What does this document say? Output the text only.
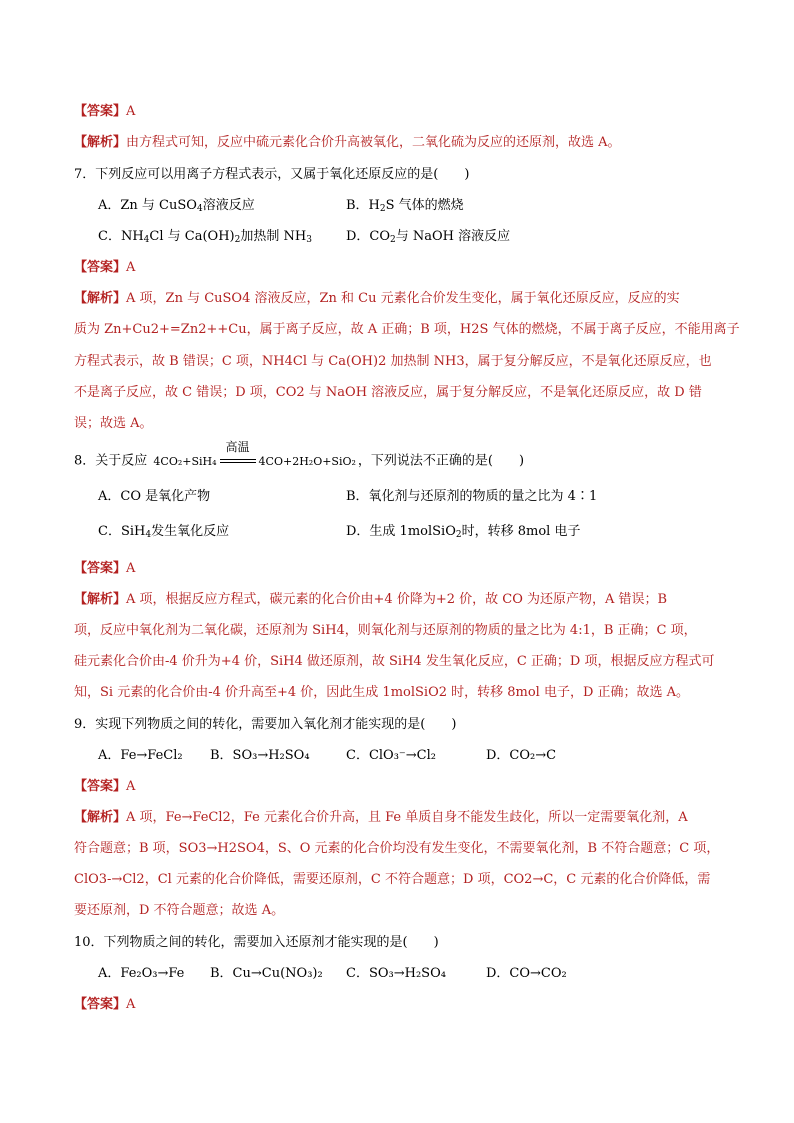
【答案】A
【解析】由方程式可知，反应中硫元素化合价升高被氧化，二氧化硫为反应的还原剂，故选 A。
7．下列反应可以用离子方程式表示，又属于氧化还原反应的是(　　)
A．Zn 与 CuSO$_4$溶液反应	B．$H_2S$ 气体的燃烧
C．$NH_4Cl$ 与 $Ca(OH)_2$加热制 $NH_3$	D．$CO_2$与 NaOH 溶液反应
【答案】A
【解析】A 项，Zn 与 CuSO4 溶液反应，Zn 和 Cu 元素化合价发生变化，属于氧化还原反应，反应的实
质为 Zn+Cu2+=Zn2++Cu，属于离子反应，故 A 正确；B 项，H2S 气体的燃烧，不属于离子反应，不能用离子
方程式表示，故 B 错误；C 项，NH4Cl 与 Ca(OH)2 加热制 NH3，属于复分解反应，不是氧化还原反应，也
不是离子反应，故 C 错误；D 项，CO2 与 NaOH 溶液反应，属于复分解反应，不是氧化还原反应，故 D 错
误；故选 A。
8．关于反应 4CO₂+SiH₄
高温
4CO+2H₂O+SiO₂ ，下列说法不正确的是(　　)
A．CO 是氧化产物	B．氧化剂与还原剂的物质的量之比为 4∶1
C．SiH$_4$发生氧化反应	D．生成 1molSiO$_2$时，转移 8mol 电子
【答案】A
【解析】A 项，根据反应方程式，碳元素的化合价由+4 价降为+2 价，故 CO 为还原产物，A 错误；B
项，反应中氧化剂为二氧化碳，还原剂为 SiH4，则氧化剂与还原剂的物质的量之比为 4:1，B 正确；C 项，
硅元素化合价由-4 价升为+4 价，SiH4 做还原剂，故 SiH4 发生氧化反应，C 正确；D 项，根据反应方程式可
知，Si 元素的化合价由-4 价升高至+4 价，因此生成 1molSiO2 时，转移 8mol 电子，D 正确；故选 A。
9．实现下列物质之间的转化，需要加入氧化剂才能实现的是(　　)
A．Fe→FeCl₂ B．SO₃→H₂SO₄	C．ClO₃⁻→Cl₂	D．CO₂→C
【答案】A
【解析】A 项，Fe→FeCl2，Fe 元素化合价升高，且 Fe 单质自身不能发生歧化，所以一定需要氧化剂，A
符合题意；B 项，SO3→H2SO4，S、O 元素的化合价均没有发生变化，不需要氧化剂，B 不符合题意；C 项，
ClO3-→Cl2，Cl 元素的化合价降低，需要还原剂，C 不符合题意；D 项，CO2→C，C 元素的化合价降低，需
要还原剂，D 不符合题意；故选 A。
10．下列物质之间的转化，需要加入还原剂才能实现的是(　　)
A．Fe₂O₃→Fe B．Cu→Cu(NO₃)₂ C．SO₃→H₂SO₄	D．CO→CO₂
【答案】A
